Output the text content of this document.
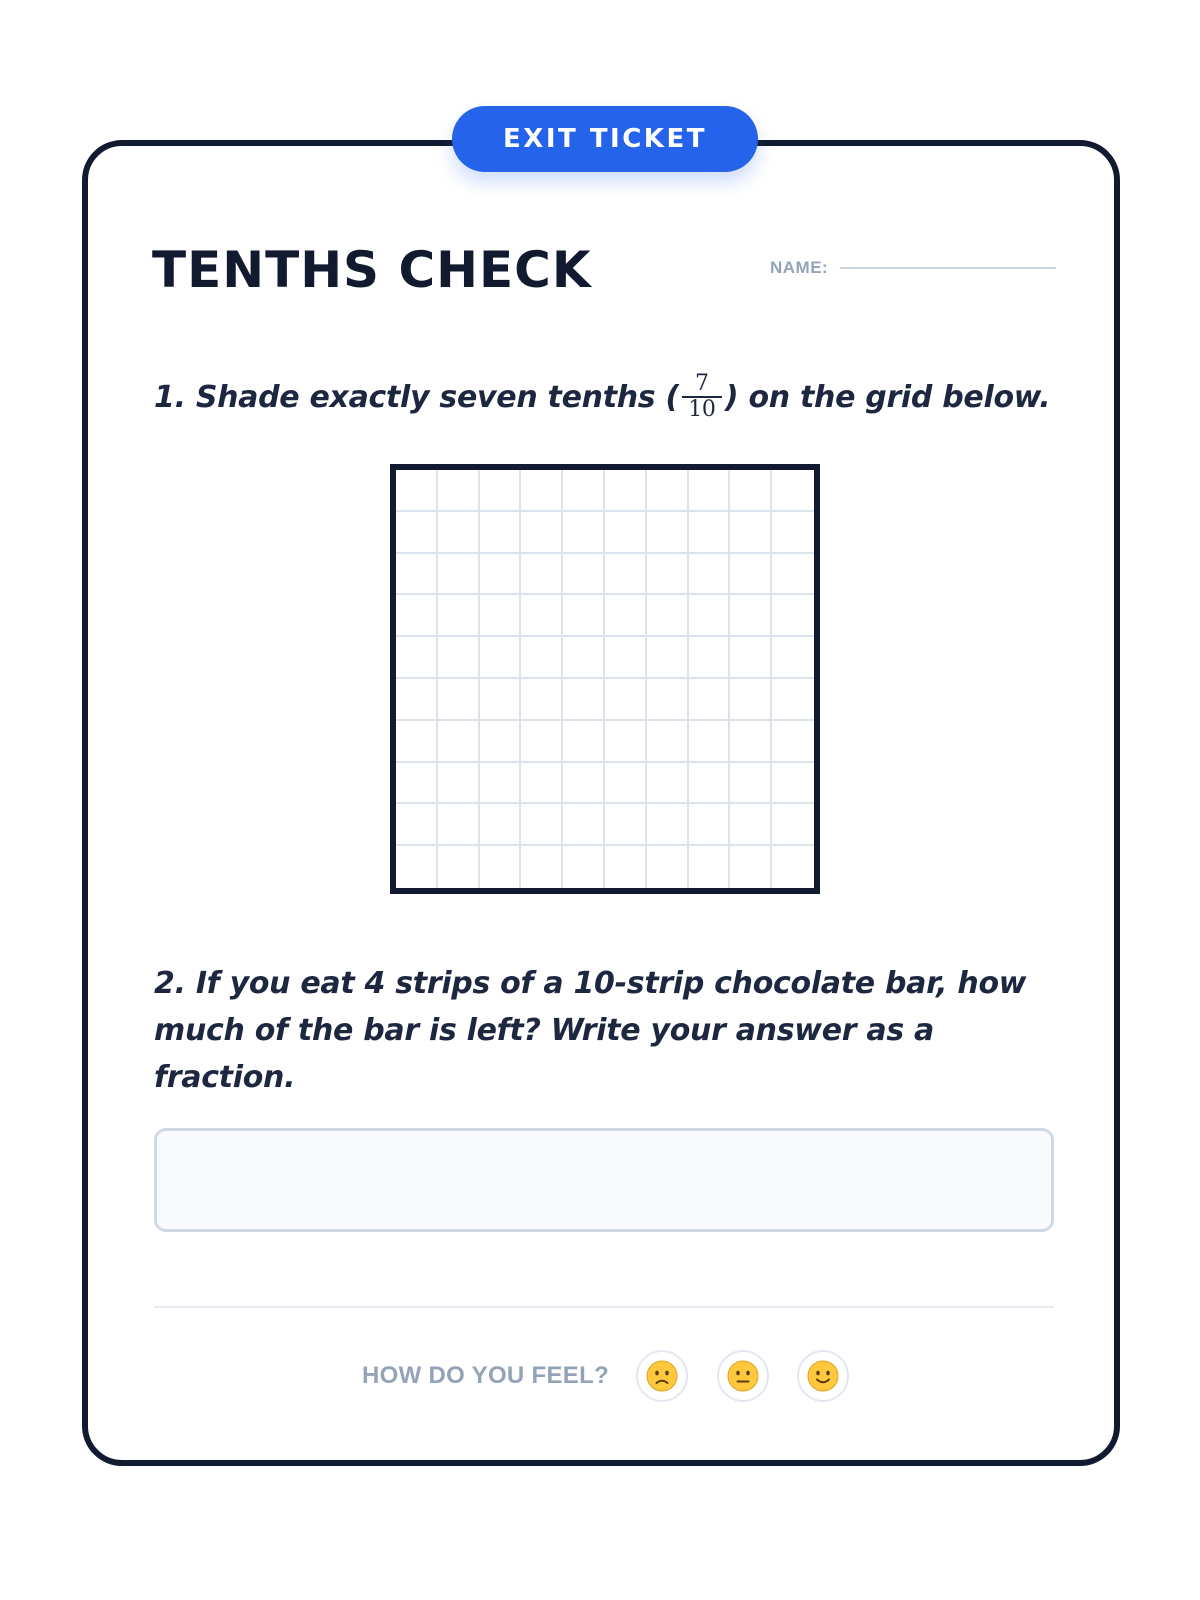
EXIT TICKET
TENTHS CHECK	NAME:
1. Shade exactly seven tenths ( $\frac{7}{10}$ ) on the grid below.

2. If you eat 4 strips of a 10-strip chocolate bar, how much of the bar is left? Write your answer as a fraction.

HOW DO YOU FEEL?
